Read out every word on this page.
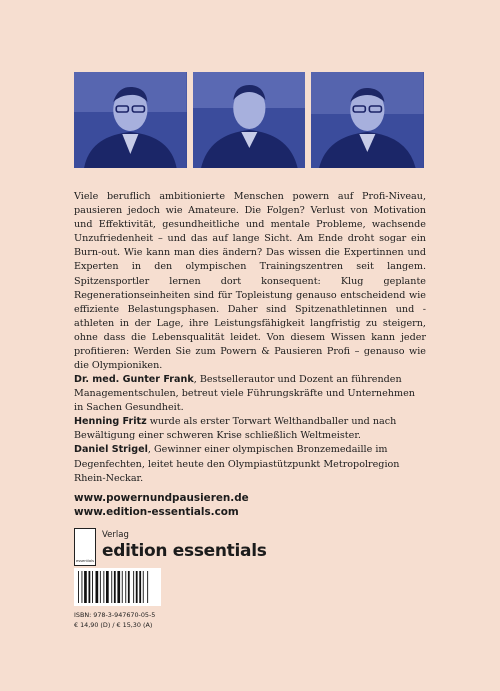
Viele beruflich ambitionierte Menschen powern auf Profi-Niveau, pausieren jedoch wie Amateure. Die Folgen? Verlust von Motivation und Effektivität, gesundheitliche und mentale Probleme, wachsende Unzufriedenheit – und das auf lange Sicht. Am Ende droht sogar ein Burn-out. Wie kann man dies ändern? Das wissen die Expertinnen und Experten in den olympischen Trainingszentren seit langem. Spitzensportler lernen dort konsequent: Klug geplante Regenerationseinheiten sind für Topleistung genauso entscheidend wie effiziente Belastungsphasen. Daher sind Spitzenathletinnen und -athleten in der Lage, ihre Leistungsfähigkeit langfristig zu steigern, ohne dass die Lebensqualität leidet. Von diesem Wissen kann jeder profitieren: Werden Sie zum Powern & Pausieren Profi – genauso wie die Olympioniken.

Dr. med. Gunter Frank, Bestsellerautor und Dozent an führenden Managementschulen, betreut viele Führungskräfte und Unternehmen in Sachen Gesundheit.

Henning Fritz wurde als erster Torwart Welthandballer und nach Bewältigung einer schweren Krise schließlich Weltmeister.

Daniel Strigel, Gewinner einer olympischen Bronzemedaille im Degenfechten, leitet heute den Olympiastützpunkt Metropolregion Rhein-Neckar.

www.powernundpausieren.de
www.edition-essentials.com
essentials
Verlag
edition essentials
ISBN: 978-3-947670-05-5
€ 14,90 (D) / € 15,30 (A)
